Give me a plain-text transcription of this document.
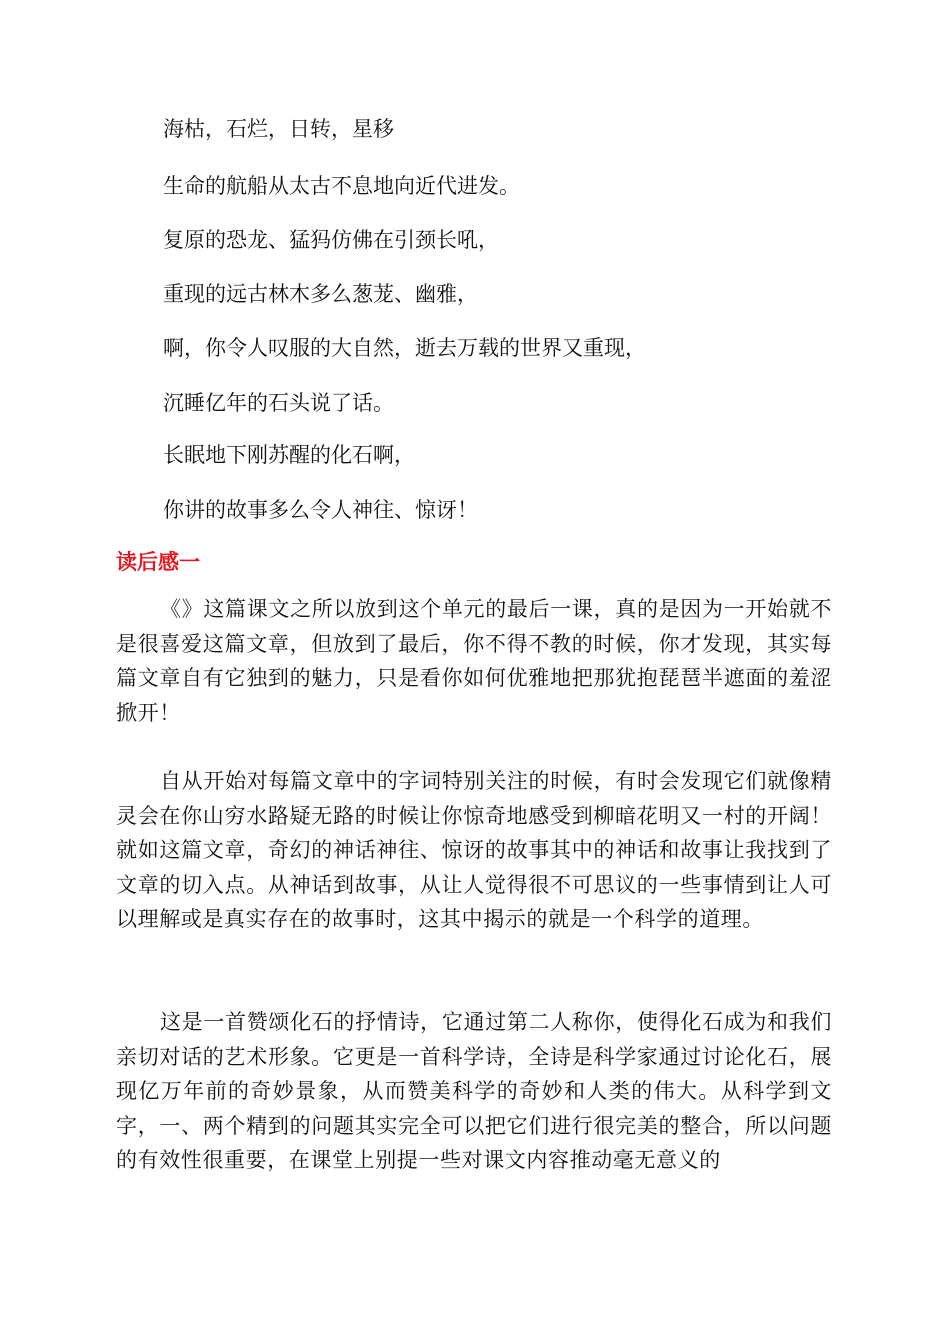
海枯，石烂，日转，星移

生命的航船从太古不息地向近代进发。

复原的恐龙、猛犸仿佛在引颈长吼，

重现的远古林木多么葱茏、幽雅，

啊，你令人叹服的大自然，逝去万载的世界又重现，

沉睡亿年的石头说了话。

长眠地下刚苏醒的化石啊，

你讲的故事多么令人神往、惊讶！

读后感一

《》这篇课文之所以放到这个单元的最后一课，真的是因为一开始就不是很喜爱这篇文章，但放到了最后，你不得不教的时候，你才发现，其实每篇文章自有它独到的魅力，只是看你如何优雅地把那犹抱琵琶半遮面的羞涩掀开！

自从开始对每篇文章中的字词特别关注的时候，有时会发现它们就像精灵会在你山穷水路疑无路的时候让你惊奇地感受到柳暗花明又一村的开阔！就如这篇文章，奇幻的神话神往、惊讶的故事其中的神话和故事让我找到了文章的切入点。从神话到故事，从让人觉得很不可思议的一些事情到让人可以理解或是真实存在的故事时，这其中揭示的就是一个科学的道理。

这是一首赞颂化石的抒情诗，它通过第二人称你，使得化石成为和我们亲切对话的艺术形象。它更是一首科学诗，全诗是科学家通过讨论化石，展现亿万年前的奇妙景象，从而赞美科学的奇妙和人类的伟大。从科学到文字，一、两个精到的问题其实完全可以把它们进行很完美的整合，所以问题的有效性很重要，在课堂上别提一些对课文内容推动毫无意义的
